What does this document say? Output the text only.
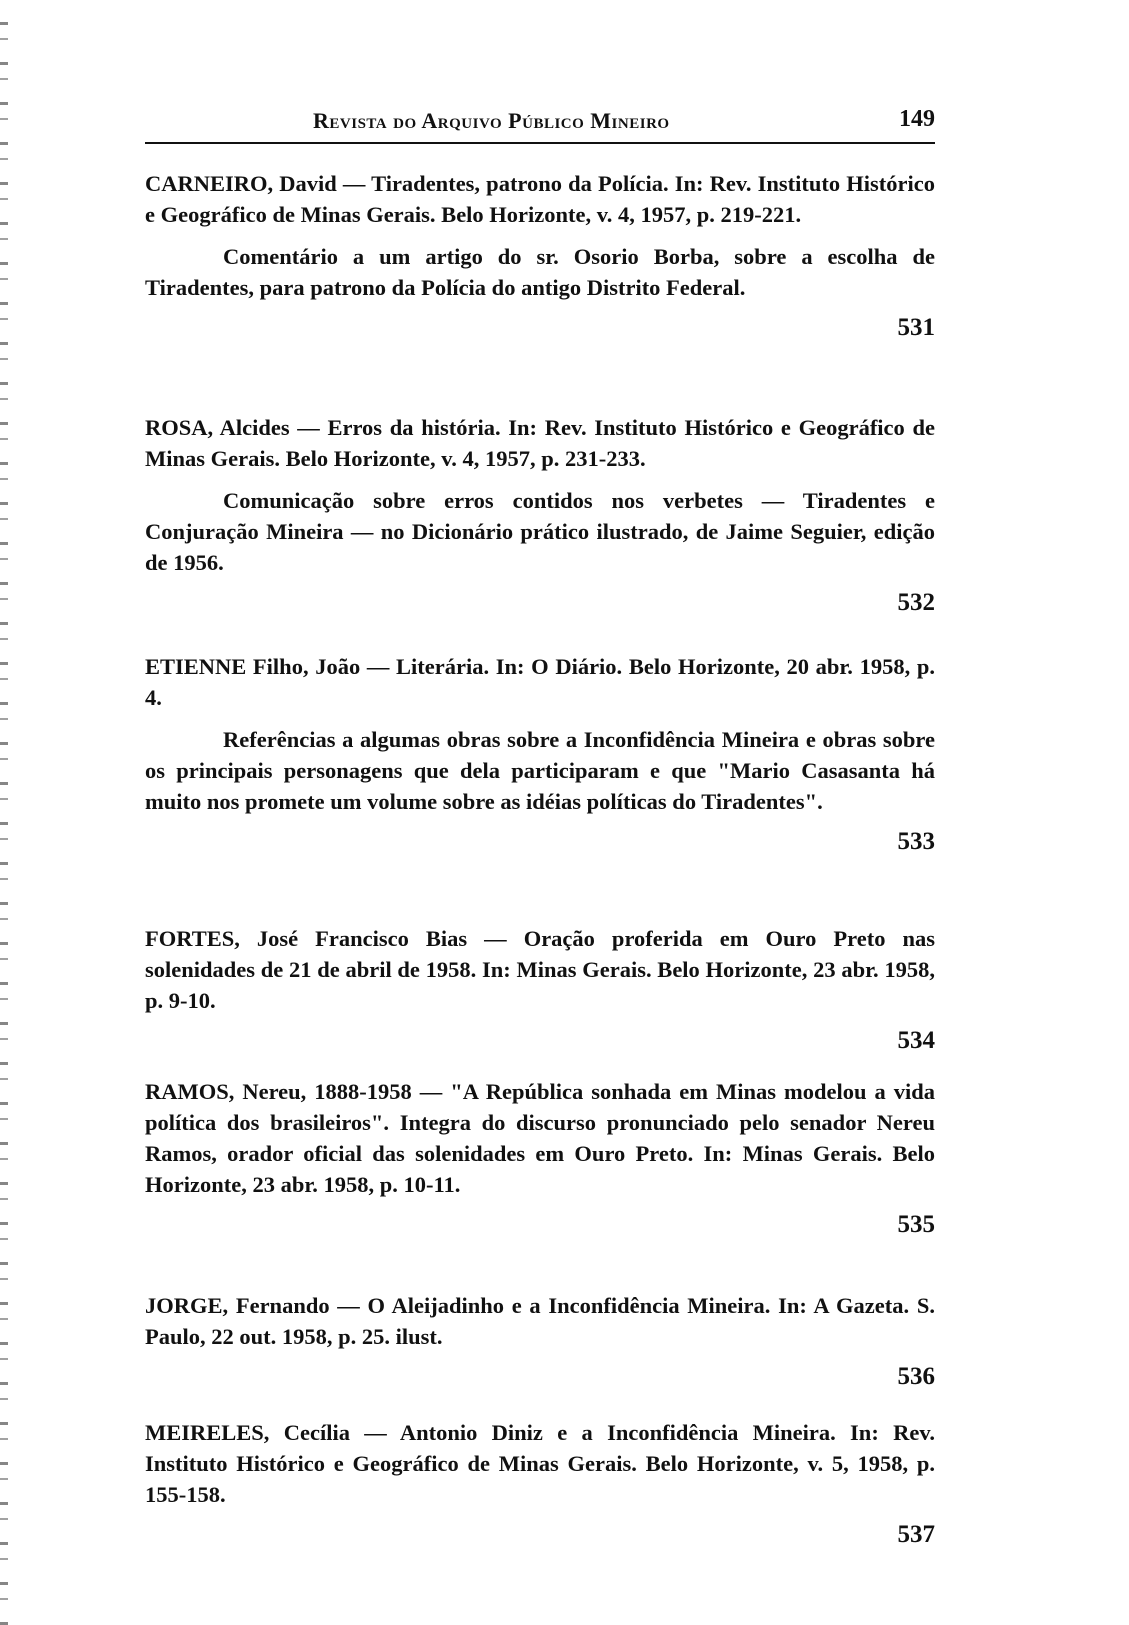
Revista do Arquivo Público Mineiro	149

CARNEIRO, David — Tiradentes, patrono da Polícia. In: Rev. Instituto Histórico e Geográfico de Minas Gerais. Belo Horizonte, v. 4, 1957, p. 219-221.

Comentário a um artigo do sr. Osorio Borba, sobre a escolha de Tiradentes, para patrono da Polícia do antigo Distrito Federal.

531

ROSA, Alcides — Erros da história. In: Rev. Instituto Histórico e Geográfico de Minas Gerais. Belo Horizonte, v. 4, 1957, p. 231-233.

Comunicação sobre erros contidos nos verbetes — Tiradentes e Conjuração Mineira — no Dicionário prático ilustrado, de Jaime Seguier, edição de 1956.

532

ETIENNE Filho, João — Literária. In: O Diário. Belo Horizonte, 20 abr. 1958, p. 4.

Referências a algumas obras sobre a Inconfidência Mineira e obras sobre os principais personagens que dela participaram e que "Mario Casasanta há muito nos promete um volume sobre as idéias políticas do Tiradentes".

533

FORTES, José Francisco Bias — Oração proferida em Ouro Preto nas solenidades de 21 de abril de 1958. In: Minas Gerais. Belo Horizonte, 23 abr. 1958, p. 9-10.

534

RAMOS, Nereu, 1888-1958 — "A República sonhada em Minas modelou a vida política dos brasileiros". Integra do discurso pronunciado pelo senador Nereu Ramos, orador oficial das solenidades em Ouro Preto. In: Minas Gerais. Belo Horizonte, 23 abr. 1958, p. 10-11.

535

JORGE, Fernando — O Aleijadinho e a Inconfidência Mineira. In: A Gazeta. S. Paulo, 22 out. 1958, p. 25. ilust.

536

MEIRELES, Cecília — Antonio Diniz e a Inconfidência Mineira. In: Rev. Instituto Histórico e Geográfico de Minas Gerais. Belo Horizonte, v. 5, 1958, p. 155-158.

537
